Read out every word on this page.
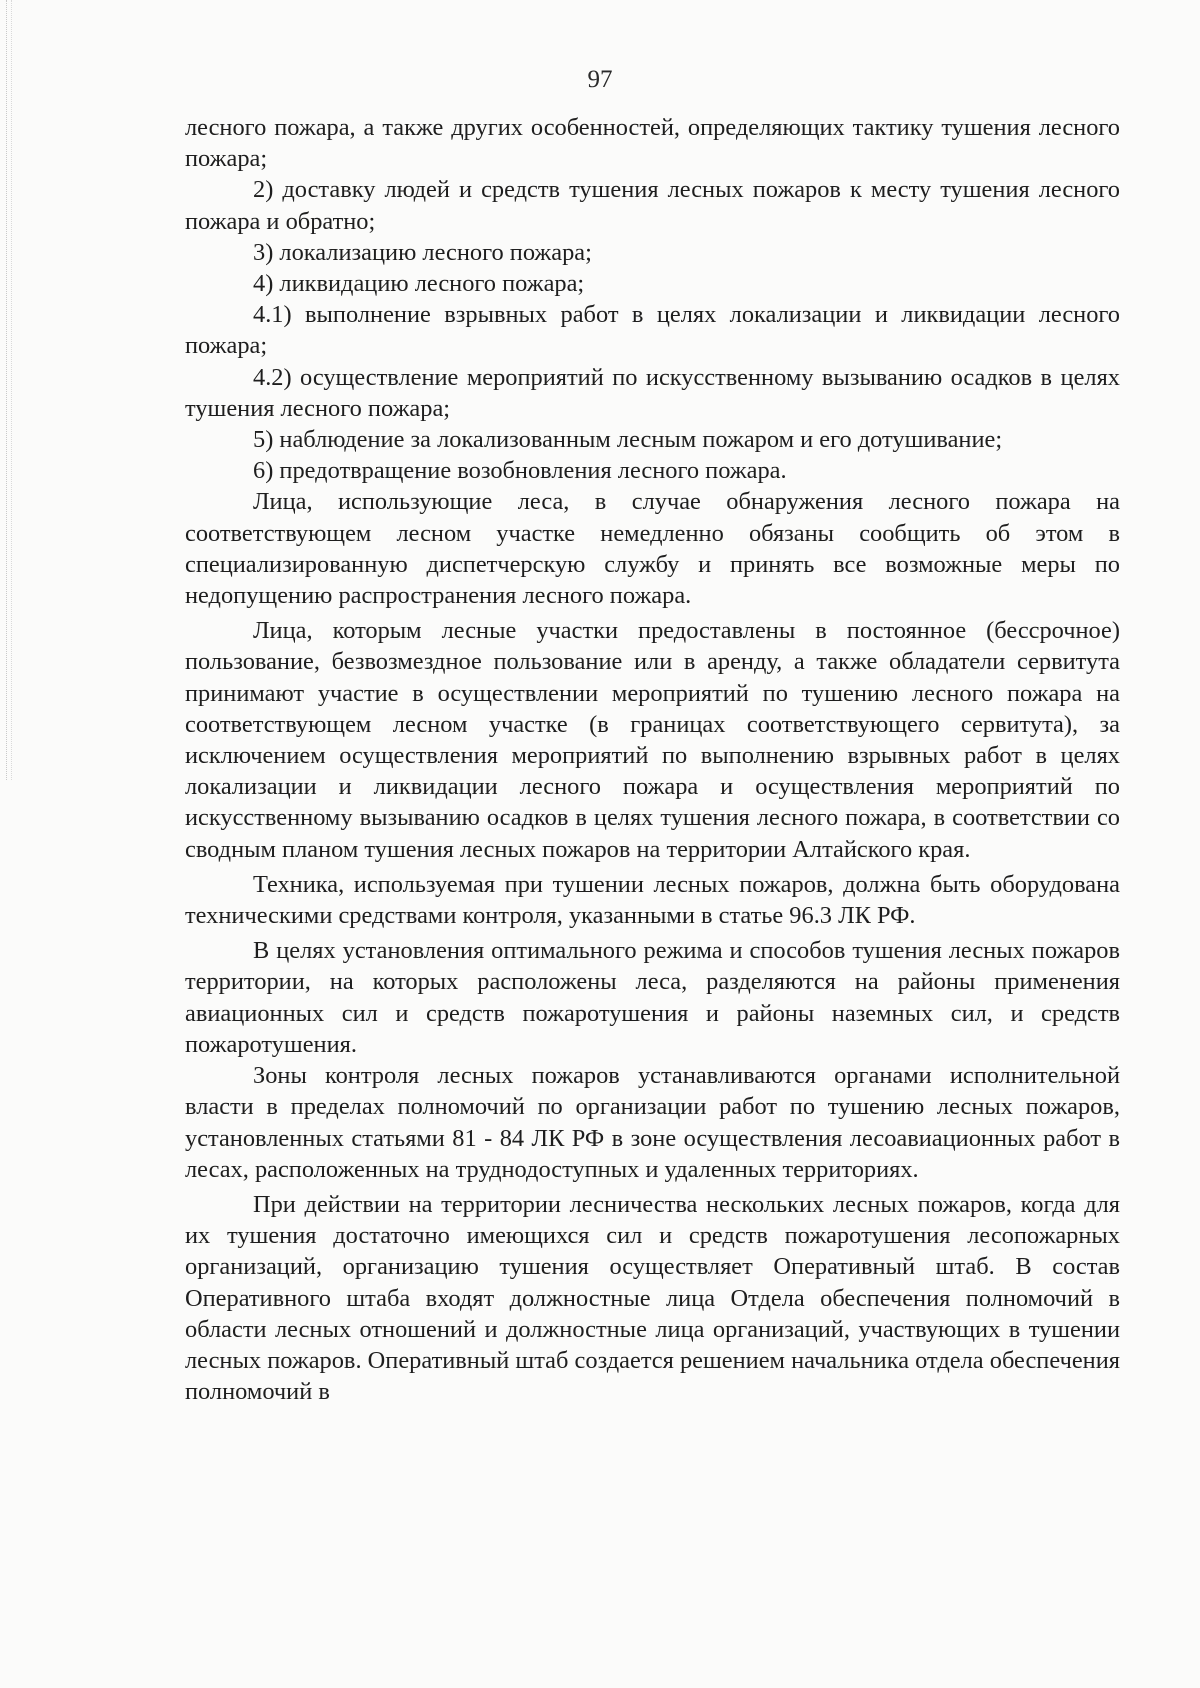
97

лесного пожара, а также других особенностей, определяющих тактику тушения лесного пожара;

2) доставку людей и средств тушения лесных пожаров к месту тушения лесного пожара и обратно;

3) локализацию лесного пожара;

4) ликвидацию лесного пожара;

4.1) выполнение взрывных работ в целях локализации и ликвидации лесного пожара;

4.2) осуществление мероприятий по искусственному вызыванию осадков в целях тушения лесного пожара;

5) наблюдение за локализованным лесным пожаром и его дотушивание;

6) предотвращение возобновления лесного пожара.

Лица, использующие леса, в случае обнаружения лесного пожара на соответствующем лесном участке немедленно обязаны сообщить об этом в специализированную диспетчерскую службу и принять все возможные меры по недопущению распространения лесного пожара.

Лица, которым лесные участки предоставлены в постоянное (бессрочное) пользование, безвозмездное пользование или в аренду, а также обладатели сервитута принимают участие в осуществлении мероприятий по тушению лесного пожара на соответствующем лесном участке (в границах соответствующего сервитута), за исключением осуществления мероприятий по выполнению взрывных работ в целях локализации и ликвидации лесного пожара и осуществления мероприятий по искусственному вызыванию осадков в целях тушения лесного пожара, в соответствии со сводным планом тушения лесных пожаров на территории Алтайского края.

Техника, используемая при тушении лесных пожаров, должна быть оборудована техническими средствами контроля, указанными в статье 96.3 ЛК РФ.

В целях установления оптимального режима и способов тушения лесных пожаров территории, на которых расположены леса, разделяются на районы применения авиационных сил и средств пожаротушения и районы наземных сил, и средств пожаротушения.

Зоны контроля лесных пожаров устанавливаются органами исполнительной власти в пределах полномочий по организации работ по тушению лесных пожаров, установленных статьями 81 - 84 ЛК РФ в зоне осуществления лесоавиационных работ в лесах, расположенных на труднодоступных и удаленных территориях.

При действии на территории лесничества нескольких лесных пожаров, когда для их тушения достаточно имеющихся сил и средств пожаротушения лесопожарных организаций, организацию тушения осуществляет Оперативный штаб. В состав Оперативного штаба входят должностные лица Отдела обеспечения полномочий в области лесных отношений и должностные лица организаций, участвующих в тушении лесных пожаров. Оперативный штаб создается решением начальника отдела обеспечения полномочий в
